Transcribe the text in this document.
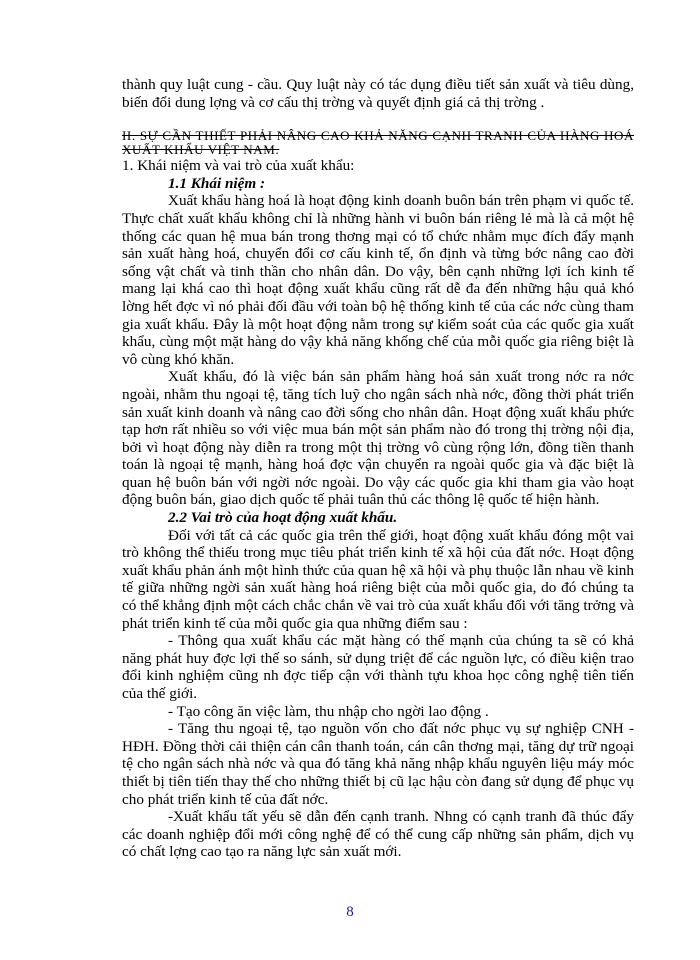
thành quy luật cung - cầu. Quy luật này có tác dụng điều tiết sản xuất và tiêu dùng, biến đổi dung lợng và cơ cấu thị trờng và quyết định giá cả thị trờng .

II. SỰ CẦN THIẾT PHẢI NÂNG CAO KHẢ NĂNG CẠNH TRANH CỦA HÀNG HOÁ XUẤT KHẨU VIỆT NAM.

1. Khái niệm và vai trò của xuất khẩu:

1.1 Khái niệm :

Xuất khẩu hàng hoá là hoạt động kinh doanh buôn bán trên phạm vi quốc tế. Thực chất xuất khẩu không chỉ là những hành vi buôn bán riêng lẻ mà là cả một hệ thống các quan hệ mua bán trong thơng mại có tổ chức nhằm mục đích đẩy mạnh sản xuất hàng hoá, chuyển đổi cơ cấu kinh tế, ổn định và từng bớc nâng cao đời sống vật chất và tinh thần cho nhân dân. Do vậy, bên cạnh những lợi ích kinh tế mang lại khá cao thì hoạt động xuất khẩu cũng rất dễ đa đến những hậu quả khó lờng hết đợc vì nó phải đối đầu với toàn bộ hệ thống kinh tế của các nớc cùng tham gia xuất khẩu. Đây là một hoạt động nằm trong sự kiểm soát của các quốc gia xuất khẩu, cùng một mặt hàng do vậy khả năng khống chế của mỗi quốc gia riêng biệt là vô cùng khó khăn.

Xuất khẩu, đó là việc bán sản phẩm hàng hoá sản xuất trong nớc ra nớc ngoài, nhằm thu ngoại tệ, tăng tích luỹ cho ngân sách nhà nớc, đồng thời phát triển sản xuất kinh doanh và nâng cao đời sống cho nhân dân. Hoạt động xuất khẩu phức tạp hơn rất nhiều so với việc mua bán một sản phẩm nào đó trong thị trờng nội địa, bởi vì hoạt động này diễn ra trong một thị trờng vô cùng rộng lớn, đồng tiền thanh toán là ngoại tệ mạnh, hàng hoá đợc vận chuyển ra ngoài quốc gia và đặc biệt là quan hệ buôn bán với ngời nớc ngoài. Do vậy các quốc gia khi tham gia vào hoạt động buôn bán, giao dịch quốc tế phải tuân thủ các thông lệ quốc tế hiện hành.

2.2 Vai trò của hoạt động xuất khẩu.

Đối với tất cả các quốc gia trên thế giới, hoạt động xuất khẩu đóng một vai trò không thể thiếu trong mục tiêu phát triển kinh tế xã hội của đất nớc. Hoạt động xuất khẩu phản ánh một hình thức của quan hệ xã hội và phụ thuộc lẫn nhau về kinh tế giữa những ngời sản xuất hàng hoá riêng biệt của mỗi quốc gia, do đó chúng ta có thể khẳng định một cách chắc chắn về vai trò của xuất khẩu đối với tăng trởng và phát triển kinh tế của mỗi quốc gia qua những điểm sau :

- Thông qua xuất khẩu các mặt hàng có thế mạnh của chúng ta sẽ có khả năng phát huy đợc lợi thế so sánh, sử dụng triệt để các nguồn lực, có điều kiện trao đổi kinh nghiệm cũng nh đợc tiếp cận với thành tựu khoa học công nghệ tiên tiến của thế giới.

- Tạo công ăn việc làm, thu nhập cho ngời lao động .

- Tăng thu ngoại tệ, tạo nguồn vốn cho đất nớc phục vụ sự nghiệp CNH - HĐH. Đồng thời cải thiện cán cân thanh toán, cán cân thơng mại, tăng dự trữ ngoại tệ cho ngân sách nhà nớc và qua đó tăng khả năng nhập khẩu nguyên liệu máy móc thiết bị tiên tiến thay thế cho những thiết bị cũ lạc hậu còn đang sử dụng để phục vụ cho phát triển kinh tế của đất nớc.

-Xuất khẩu tất yếu sẽ dẫn đến cạnh tranh. Nhng có cạnh tranh đã thúc đẩy các doanh nghiệp đổi mới công nghệ để có thể cung cấp những sản phẩm, dịch vụ có chất lợng cao tạo ra năng lực sản xuất mới.

8
